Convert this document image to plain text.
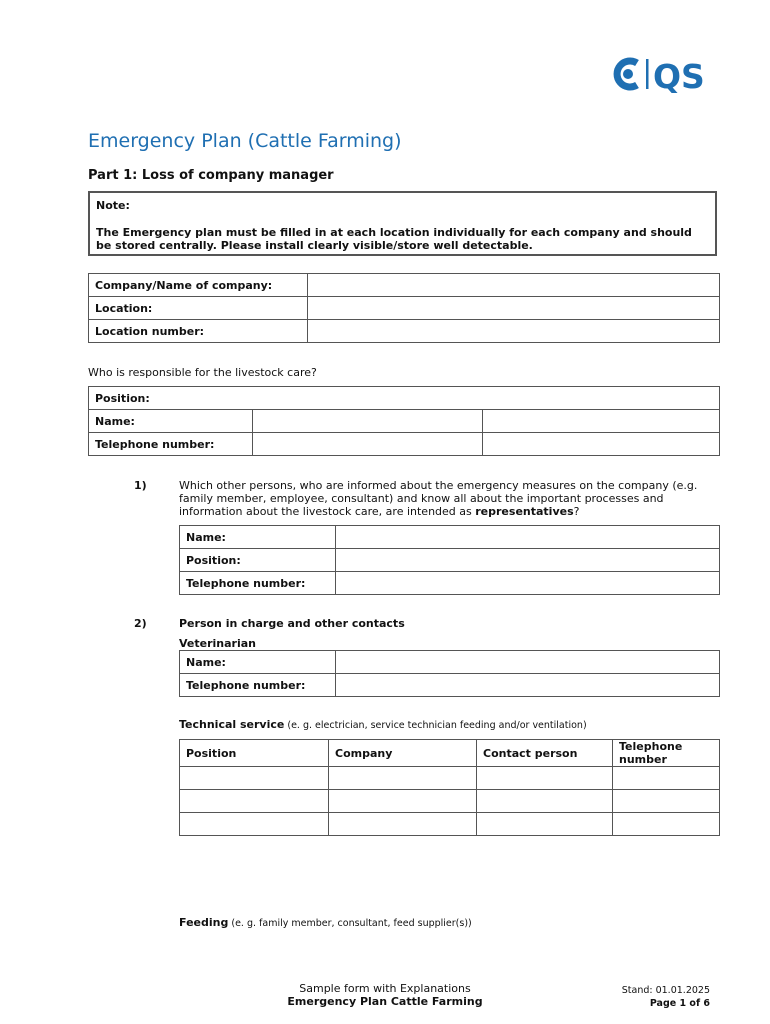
QS
Emergency Plan (Cattle Farming)
Part 1: Loss of company manager
Note:
The Emergency plan must be filled in at each location individually for each company and should be stored centrally. Please install clearly visible/store well detectable.
Company/Name of company:	
Location:	
Location number:	
Who is responsible for the livestock care?
Position:		
Name:		
Telephone number:		
1)	Which other persons, who are informed about the emergency measures on the company (e.g. family member, employee, consultant) and know all about the important processes and information about the livestock care, are intended as representatives?
Name:	
Position:	
Telephone number:	
2)	Person in charge and other contacts
Veterinarian
Name:	
Telephone number:	
Technical service (e. g. electrician, service technician feeding and/or ventilation)
Position	Company	Contact person	Telephone number

Feeding (e. g. family member, consultant, feed supplier(s))
Sample form with Explanations
Emergency Plan Cattle Farming
Stand: 01.01.2025
Page 1 of 6
